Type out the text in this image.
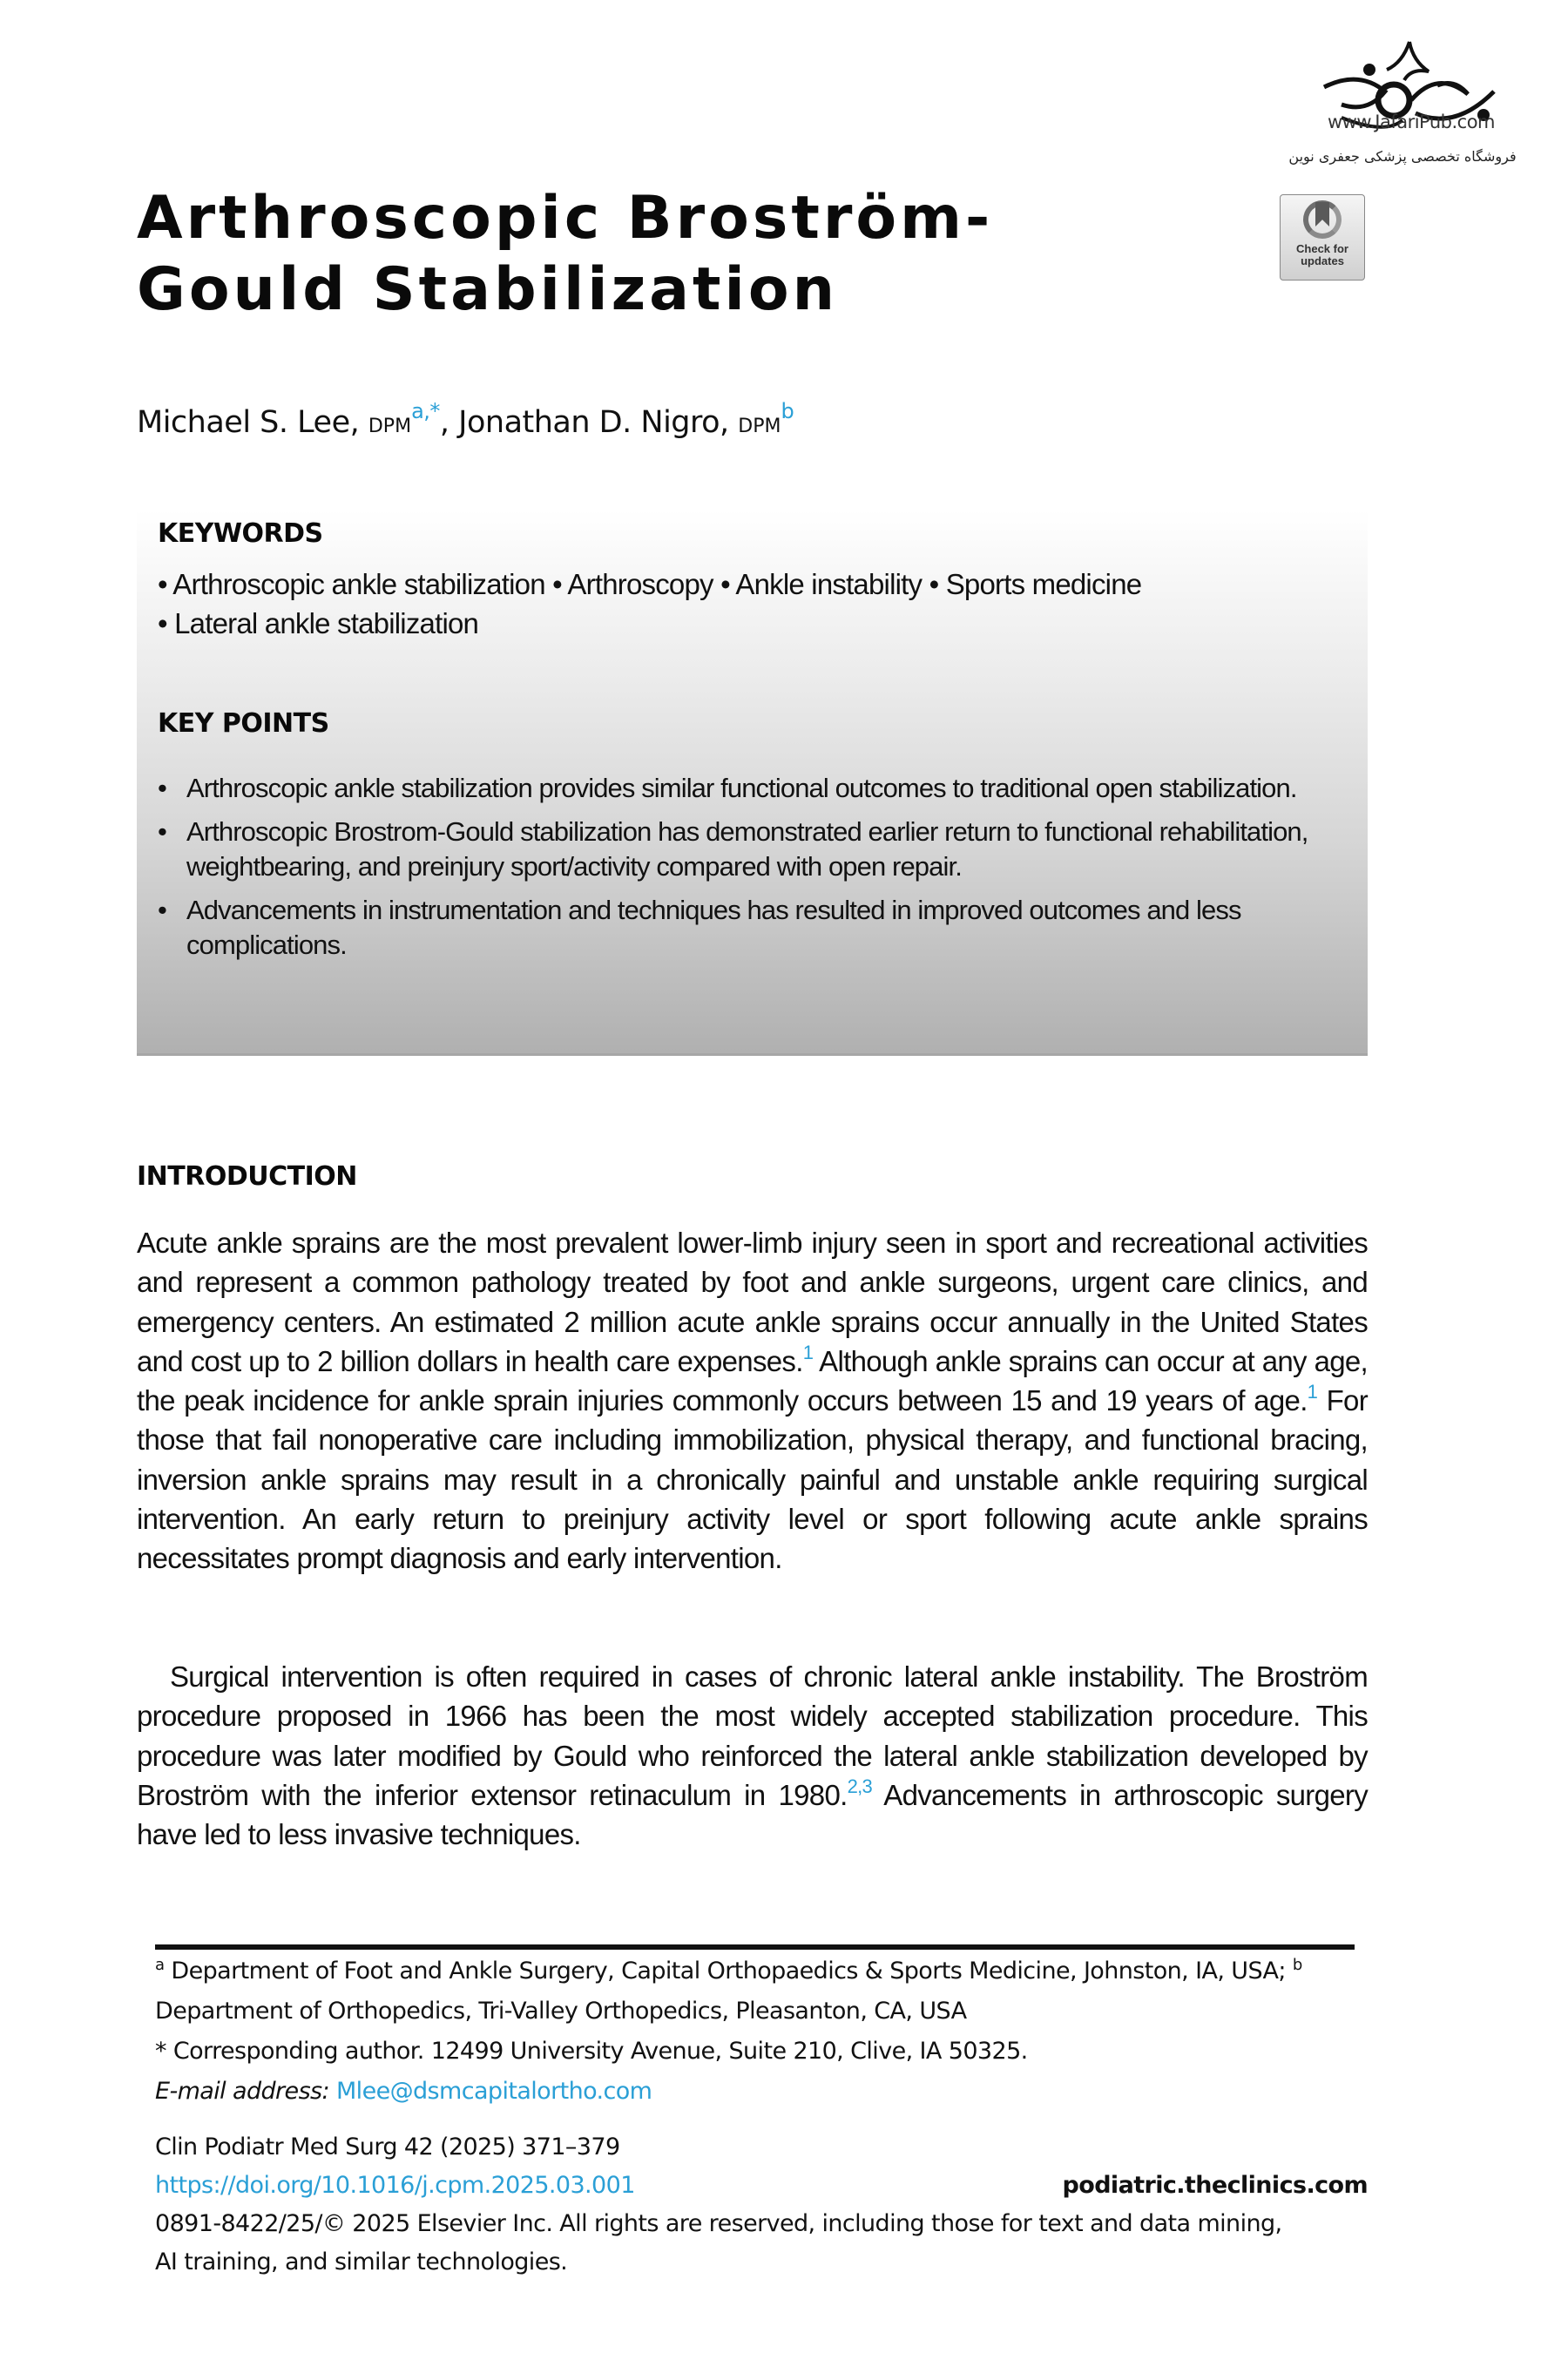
www.JafariPub.com
فروشگاه تخصصی پزشکی جعفری نوین
Check for
updates
Arthroscopic Broström-
Gould Stabilization
Michael S. Lee, $DPM^{a,*}$, Jonathan D. Nigro, DPM$^b$
KEYWORDS
• Arthroscopic ankle stabilization • Arthroscopy • Ankle instability • Sports medicine
• Lateral ankle stabilization
KEY POINTS
• Arthroscopic ankle stabilization provides similar functional outcomes to traditional open stabilization.
• Arthroscopic Brostrom-Gould stabilization has demonstrated earlier return to functional rehabilitation, weightbearing, and preinjury sport/activity compared with open repair.
• Advancements in instrumentation and techniques has resulted in improved outcomes and less complications.
INTRODUCTION

Acute ankle sprains are the most prevalent lower-limb injury seen in sport and recreational activities and represent a common pathology treated by foot and ankle surgeons, urgent care clinics, and emergency centers. An estimated 2 million acute ankle sprains occur annually in the United States and cost up to 2 billion dollars in health care expenses.$^1$ Although ankle sprains can occur at any age, the peak incidence for ankle sprain injuries commonly occurs between 15 and 19 years of age.$^1$ For those that fail nonoperative care including immobilization, physical therapy, and functional bracing, inversion ankle sprains may result in a chronically painful and unstable ankle requiring surgical intervention. An early return to preinjury activity level or sport following acute ankle sprains necessitates prompt diagnosis and early intervention.

Surgical intervention is often required in cases of chronic lateral ankle instability. The Broström procedure proposed in 1966 has been the most widely accepted stabilization procedure. This procedure was later modified by Gould who reinforced the lateral ankle stabilization developed by Broström with the inferior extensor retinaculum in 1980.$^{2,3}$ Advancements in arthroscopic surgery have led to less invasive techniques.

$^a$ Department of Foot and Ankle Surgery, Capital Orthopaedics & Sports Medicine, Johnston, IA, USA; $^b$ Department of Orthopedics, Tri-Valley Orthopedics, Pleasanton, CA, USA
* Corresponding author. 12499 University Avenue, Suite 210, Clive, IA 50325.
E-mail address: Mlee@dsmcapitalortho.com
Clin Podiatr Med Surg 42 (2025) 371–379
https://doi.org/10.1016/j.cpm.2025.03.001	podiatric.theclinics.com
0891-8422/25/© 2025 Elsevier Inc. All rights are reserved, including those for text and data mining,
AI training, and similar technologies.
